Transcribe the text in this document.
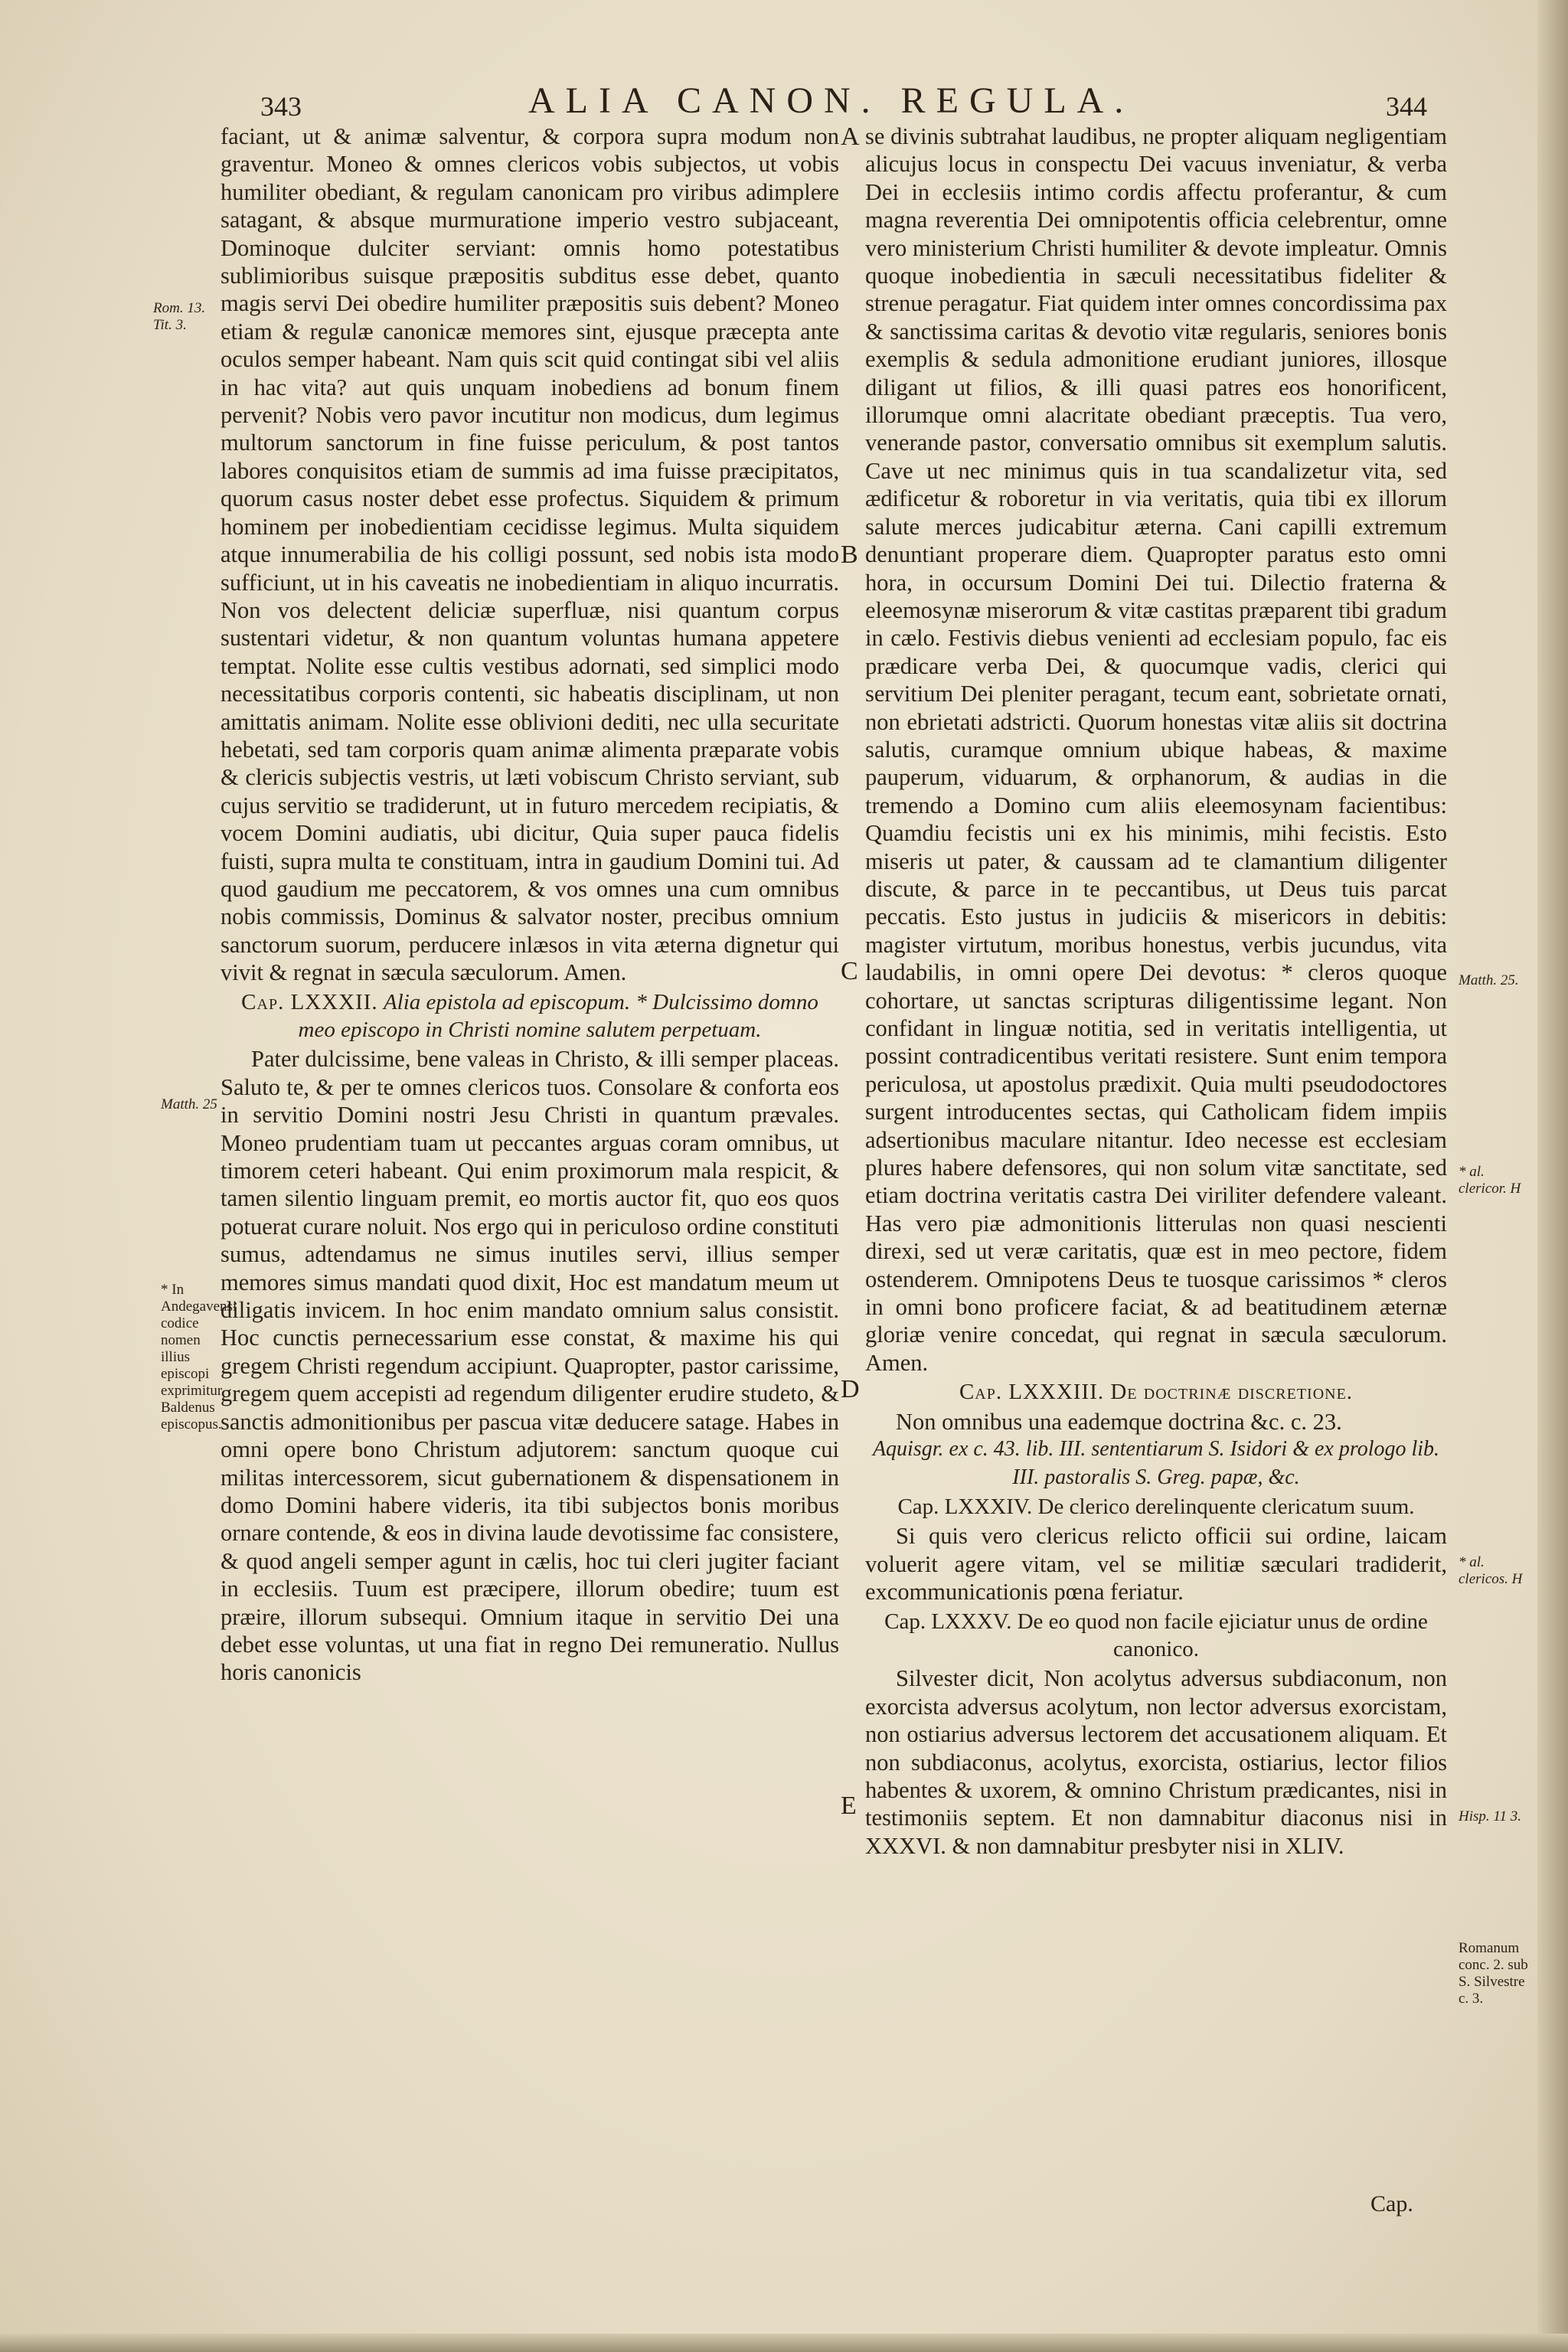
343	ALIA CANON. REGULA.	344

faciant, ut & animæ salventur, & corpora supra modum non graventur. Moneo & omnes clericos vobis subjectos, ut vobis humiliter obediant, & regulam canonicam pro viribus adimplere satagant, & absque murmuratione imperio vestro subjaceant, Dominoque dulciter serviant: omnis homo potestatibus sublimioribus suisque præpositis subditus esse debet, quanto magis servi Dei obedire humiliter præpositis suis debent? Moneo etiam & regulæ canonicæ memores sint, ejusque præcepta ante oculos semper habeant. Nam quis scit quid contingat sibi vel aliis in hac vita? aut quis unquam inobediens ad bonum finem pervenit? Nobis vero pavor incutitur non modicus, dum legimus multorum sanctorum in fine fuisse periculum, & post tantos labores conquisitos etiam de summis ad ima fuisse præcipitatos, quorum casus noster debet esse profectus. Siquidem & primum hominem per inobedientiam cecidisse legimus. Multa siquidem atque innumerabilia de his colligi possunt, sed nobis ista modo sufficiunt, ut in his caveatis ne inobedientiam in aliquo incurratis. Non vos delectent deliciæ superfluæ, nisi quantum corpus sustentari videtur, & non quantum voluntas humana appetere temptat. Nolite esse cultis vestibus adornati, sed simplici modo necessitatibus corporis contenti, sic habeatis disciplinam, ut non amittatis animam. Nolite esse oblivioni dediti, nec ulla securitate hebetati, sed tam corporis quam animæ alimenta præparate vobis & clericis subjectis vestris, ut læti vobiscum Christo serviant, sub cujus servitio se tradiderunt, ut in futuro mercedem recipiatis, & vocem Domini audiatis, ubi dicitur, Quia super pauca fidelis fuisti, supra multa te constituam, intra in gaudium Domini tui. Ad quod gaudium me peccatorem, & vos omnes una cum omnibus nobis commissis, Dominus & salvator noster, precibus omnium sanctorum suorum, perducere inlæsos in vita æterna dignetur qui vivit & regnat in sæcula sæculorum. Amen.

Cap. LXXXII. Alia epistola ad episcopum. * Dulcissimo domno meo episcopo in Christi nomine salutem perpetuam.

Pater dulcissime, bene valeas in Christo, & illi semper placeas. Saluto te, & per te omnes clericos tuos. Consolare & conforta eos in servitio Domini nostri Jesu Christi in quantum prævales. Moneo prudentiam tuam ut peccantes arguas coram omnibus, ut timorem ceteri habeant. Qui enim proximorum mala respicit, & tamen silentio linguam premit, eo mortis auctor fit, quo eos quos potuerat curare noluit. Nos ergo qui in periculoso ordine constituti sumus, adtendamus ne simus inutiles servi, illius semper memores simus mandati quod dixit, Hoc est mandatum meum ut diligatis invicem. In hoc enim mandato omnium salus consistit. Hoc cunctis pernecessarium esse constat, & maxime his qui gregem Christi regendum accipiunt. Quapropter, pastor carissime, gregem quem accepisti ad regendum diligenter erudire studeto, & sanctis admonitionibus per pascua vitæ deducere satage. Habes in omni opere bono Christum adjutorem: sanctum quoque cui militas intercessorem, sicut gubernationem & dispensationem in domo Domini habere videris, ita tibi subjectos bonis moribus ornare contende, & eos in divina laude devotissime fac consistere, & quod angeli semper agunt in cælis, hoc tui cleri jugiter faciant in ecclesiis. Tuum est præcipere, illorum obedire; tuum est præire, illorum subsequi. Omnium itaque in servitio Dei una debet esse voluntas, ut una fiat in regno Dei remuneratio. Nullus horis canonicis

se divinis subtrahat laudibus, ne propter aliquam negligentiam alicujus locus in conspectu Dei vacuus inveniatur, & verba Dei in ecclesiis intimo cordis affectu proferantur, & cum magna reverentia Dei omnipotentis officia celebrentur, omne vero ministerium Christi humiliter & devote impleatur. Omnis quoque inobedientia in sæculi necessitatibus fideliter & strenue peragatur. Fiat quidem inter omnes concordissima pax & sanctissima caritas & devotio vitæ regularis, seniores bonis exemplis & sedula admonitione erudiant juniores, illosque diligant ut filios, & illi quasi patres eos honorificent, illorumque omni alacritate obediant præceptis. Tua vero, venerande pastor, conversatio omnibus sit exemplum salutis. Cave ut nec minimus quis in tua scandalizetur vita, sed ædificetur & roboretur in via veritatis, quia tibi ex illorum salute merces judicabitur æterna. Cani capilli extremum denuntiant properare diem. Quapropter paratus esto omni hora, in occursum Domini Dei tui. Dilectio fraterna & eleemosynæ miserorum & vitæ castitas præparent tibi gradum in cælo. Festivis diebus venienti ad ecclesiam populo, fac eis prædicare verba Dei, & quocumque vadis, clerici qui servitium Dei pleniter peragant, tecum eant, sobrietate ornati, non ebrietati adstricti. Quorum honestas vitæ aliis sit doctrina salutis, curamque omnium ubique habeas, & maxime pauperum, viduarum, & orphanorum, & audias in die tremendo a Domino cum aliis eleemosynam facientibus: Quamdiu fecistis uni ex his minimis, mihi fecistis. Esto miseris ut pater, & caussam ad te clamantium diligenter discute, & parce in te peccantibus, ut Deus tuis parcat peccatis. Esto justus in judiciis & misericors in debitis: magister virtutum, moribus honestus, verbis jucundus, vita laudabilis, in omni opere Dei devotus: * cleros quoque cohortare, ut sanctas scripturas diligentissime legant. Non confidant in linguæ notitia, sed in veritatis intelligentia, ut possint contradicentibus veritati resistere. Sunt enim tempora periculosa, ut apostolus prædixit. Quia multi pseudodoctores surgent introducentes sectas, qui Catholicam fidem impiis adsertionibus maculare nitantur. Ideo necesse est ecclesiam plures habere defensores, qui non solum vitæ sanctitate, sed etiam doctrina veritatis castra Dei viriliter defendere valeant. Has vero piæ admonitionis litterulas non quasi nescienti direxi, sed ut veræ caritatis, quæ est in meo pectore, fidem ostenderem. Omnipotens Deus te tuosque carissimos * cleros in omni bono proficere faciat, & ad beatitudinem æternæ gloriæ venire concedat, qui regnat in sæcula sæculorum. Amen.

Cap. LXXXIII. De doctrinæ discretione.

Non omnibus una eademque doctrina &c. c. 23.

Aquisgr. ex c. 43. lib. III. sententiarum S. Isidori & ex prologo lib. III. pastoralis S. Greg. papæ, &c.
Cap. LXXXIV. De clerico derelinquente clericatum suum.

Si quis vero clericus relicto officii sui ordine, laicam voluerit agere vitam, vel se militiæ sæculari tradiderit, excommunicationis pœna feriatur.

Cap. LXXXV. De eo quod non facile ejiciatur unus de ordine canonico.

Silvester dicit, Non acolytus adversus subdiaconum, non exorcista adversus acolytum, non lector adversus exorcistam, non ostiarius adversus lectorem det accusationem aliquam. Et non subdiaconus, acolytus, exorcista, ostiarius, lector filios habentes & uxorem, & omnino Christum prædicantes, nisi in testimoniis septem. Et non damnabitur diaconus nisi in XXXVI. & non damnabitur presbyter nisi in XLIV.

Cap.
A
B
C
D
E
Rom. 13. Tit. 3.
Matth. 25
* In Andegavensi codice nomen illius episcopi exprimitur Baldenus episcopus.
Matth. 25.
* al. clericor. H
* al. clericos. H
Hisp. 11 3.
Romanum conc. 2. sub S. Silvestre c. 3.
